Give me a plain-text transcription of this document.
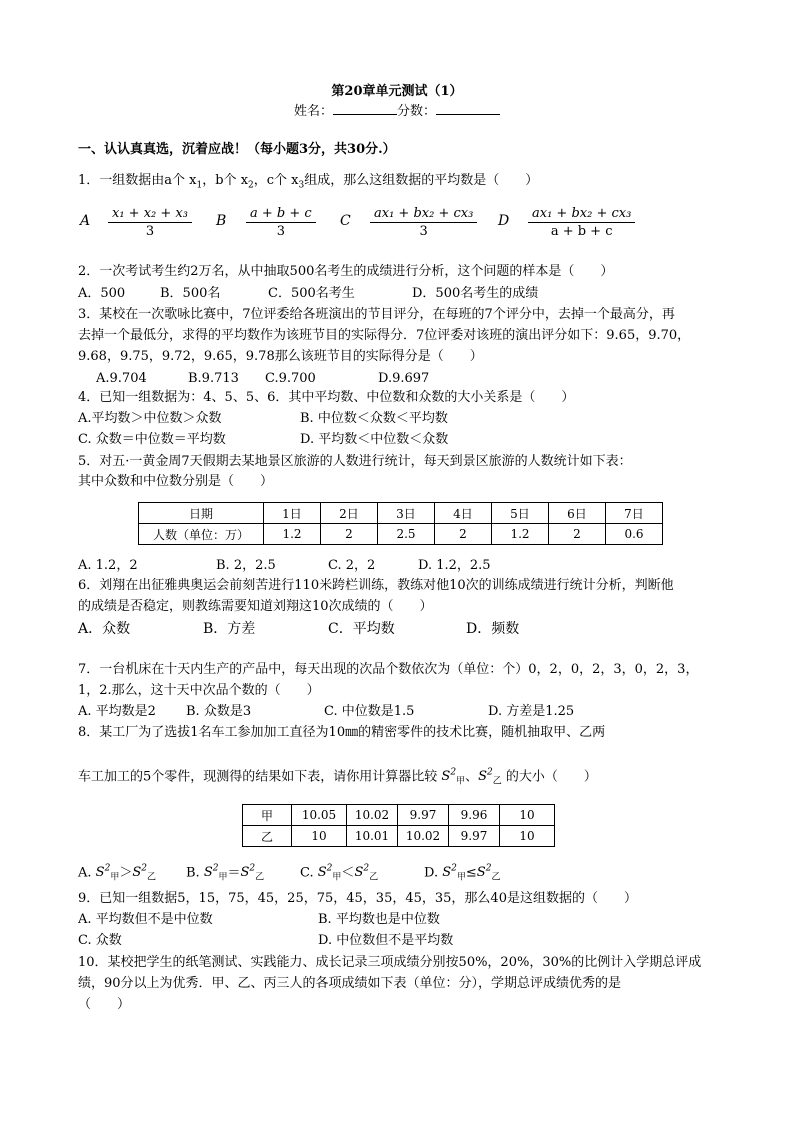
第20章单元测试（1）
姓名：	分数：
一、认认真真选，沉着应战！（每小题3分，共30分.）
1．一组数据由a个 $x_1$，b个 $x_2$，c个 $x_3$组成，那么这组数据的平均数是（　　）
A $\frac{\text{x₁ + x₂ + x₃}}{3}$ B $\frac{a + b + c}{3}$ C $\frac{\text{ax₁ + bx₂ + cx₃}}{3}$ D $\frac{\text{ax₁ + bx₂ + cx₃}}{a + b + c}$
2．一次考试考生约2万名，从中抽取500名考生的成绩进行分析，这个问题的样本是（　　）
A．500	B．500名	C．500名考生	D．500名考生的成绩
3．某校在一次歌咏比赛中，7位评委给各班演出的节目评分，在每班的7个评分中，去掉一个最高分，再
去掉一个最低分，求得的平均数作为该班节目的实际得分．7位评委对该班的演出评分如下：9.65，9.70，
9.68，9.75，9.72，9.65，9.78那么该班节目的实际得分是（　　）
A.9.704	B.9.713 C.9.700	D.9.697
4．已知一组数据为：4、5、5、6．其中平均数、中位数和众数的大小关系是（　　）
A.平均数＞中位数＞众数	B. 中位数＜众数＜平均数
C. 众数＝中位数＝平均数	D. 平均数＜中位数＜众数
5．对五·一黄金周7天假期去某地景区旅游的人数进行统计，每天到景区旅游的人数统计如下表：
其中众数和中位数分别是（　　）
日期	1日	2日	3日	4日	5日	6日	7日
人数（单位：万）	1.2	2	2.5	2	1.2	2	0.6
A. 1.2，2	B. 2，2.5	C. 2，2	D. 1.2，2.5
6．刘翔在出征雅典奥运会前刻苦进行110米跨栏训练，教练对他10次的训练成绩进行统计分析，判断他
的成绩是否稳定，则教练需要知道刘翔这10次成绩的（　　）
A．众数	B．方差	C．平均数	D．频数
7．一台机床在十天内生产的产品中，每天出现的次品个数依次为（单位：个）0，2，0，2，3，0，2，3，
1，2.那么，这十天中次品个数的（　　）
A. 平均数是2 B. 众数是3	C. 中位数是1.5	D. 方差是1.25
8．某工厂为了选拔1名车工参加加工直径为10㎜的精密零件的技术比赛，随机抽取甲、乙两
车工加工的5个零件，现测得的结果如下表，请你用计算器比较 $S^2_甲$、$S^2_乙$ 的大小（　　）
甲	10.05	10.02	9.97	9.96	10
乙	10	10.01	10.02	9.97	10
A. $S^2_甲>S^2_乙$ B. $S^2_甲=S^2_乙$	C. $S^2_甲<S^2_乙$	D. $S^2_甲\le S^2_乙$
9．已知一组数据5，15，75，45，25，75，45，35，45，35，那么40是这组数据的（　　）
A. 平均数但不是中位数	B. 平均数也是中位数
C. 众数	D. 中位数但不是平均数
10．某校把学生的纸笔测试、实践能力、成长记录三项成绩分别按50%，20%，30%的比例计入学期总评成
绩，90分以上为优秀．甲、乙、丙三人的各项成绩如下表（单位：分），学期总评成绩优秀的是
（　　）
